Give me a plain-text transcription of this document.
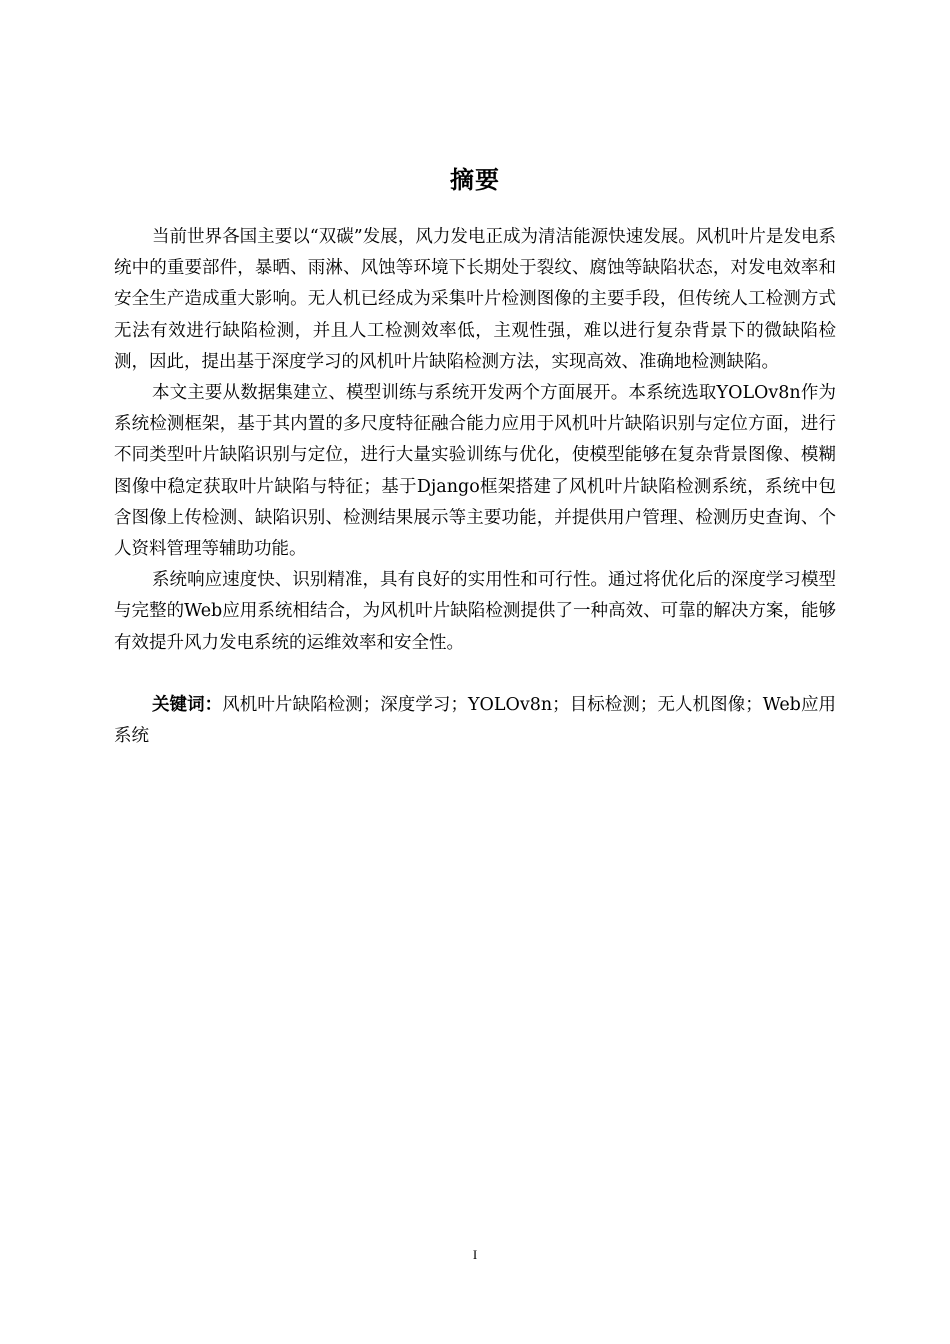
摘要

当前世界各国主要以“双碳”发展，风力发电正成为清洁能源快速发展。风机叶片是发电系统中的重要部件，暴晒、雨淋、风蚀等环境下长期处于裂纹、腐蚀等缺陷状态，对发电效率和安全生产造成重大影响。无人机已经成为采集叶片检测图像的主要手段，但传统人工检测方式无法有效进行缺陷检测，并且人工检测效率低，主观性强，难以进行复杂背景下的微缺陷检测，因此，提出基于深度学习的风机叶片缺陷检测方法，实现高效、准确地检测缺陷。

本文主要从数据集建立、模型训练与系统开发两个方面展开。本系统选取YOLOv8n作为系统检测框架，基于其内置的多尺度特征融合能力应用于风机叶片缺陷识别与定位方面，进行不同类型叶片缺陷识别与定位，进行大量实验训练与优化，使模型能够在复杂背景图像、模糊图像中稳定获取叶片缺陷与特征；基于Django框架搭建了风机叶片缺陷检测系统，系统中包含图像上传检测、缺陷识别、检测结果展示等主要功能，并提供用户管理、检测历史查询、个人资料管理等辅助功能。

系统响应速度快、识别精准，具有良好的实用性和可行性。通过将优化后的深度学习模型与完整的Web应用系统相结合，为风机叶片缺陷检测提供了一种高效、可靠的解决方案，能够有效提升风力发电系统的运维效率和安全性。

关键词：风机叶片缺陷检测；深度学习；YOLOv8n；目标检测；无人机图像；Web应用系统

I
